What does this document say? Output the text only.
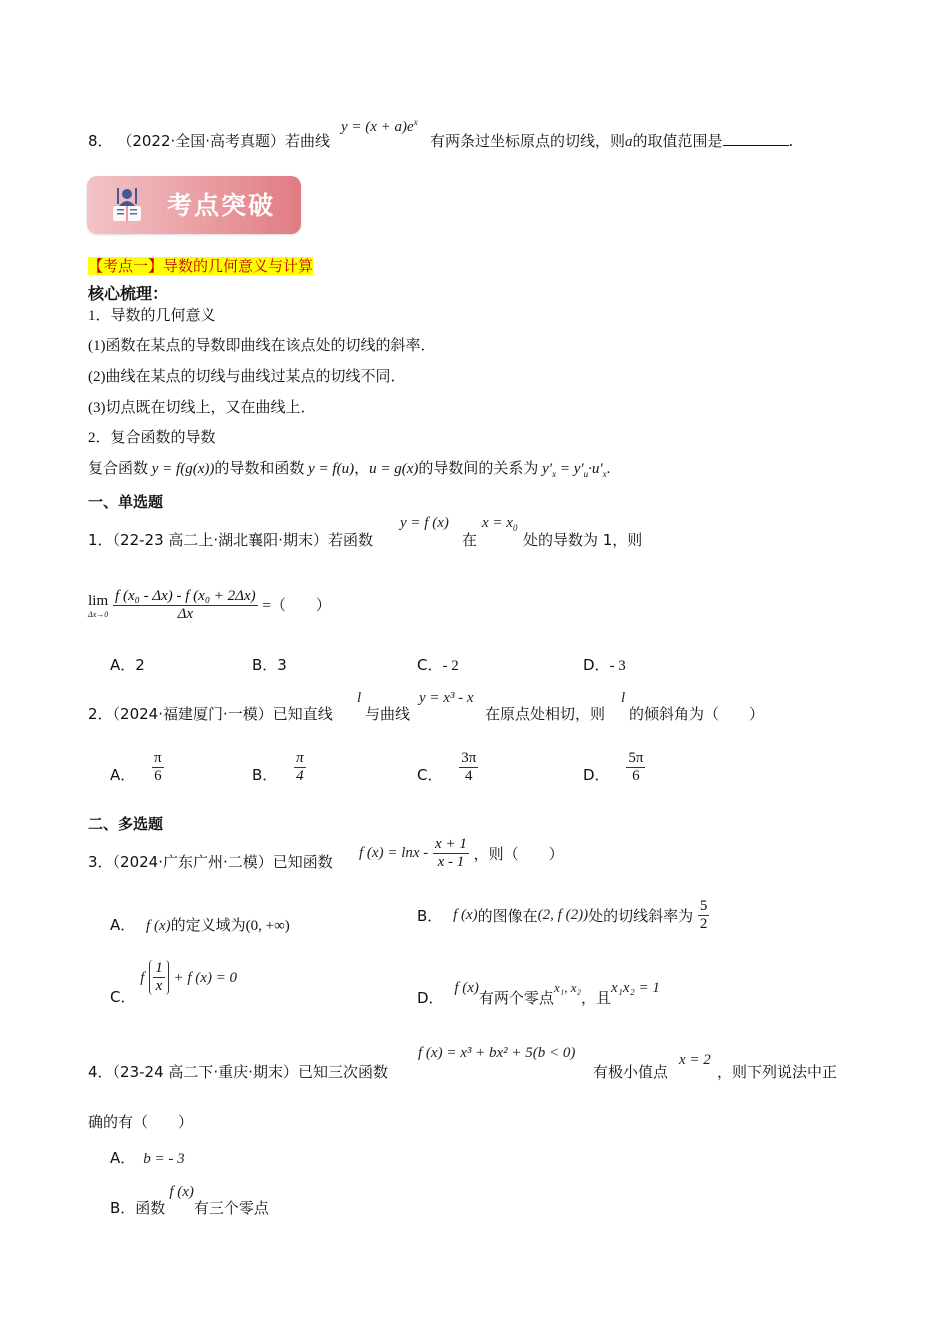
8． （2022·全国·高考真题）若曲线
$y = (x + a)e^x$
有两条过坐标原点的切线，则a的取值范围是	.
考点突破
【考点一】导数的几何意义与计算
核心梳理：
1．导数的几何意义
(1)函数在某点的导数即曲线在该点处的切线的斜率．
(2)曲线在某点的切线与曲线过某点的切线不同．
(3)切点既在切线上，又在曲线上．
2．复合函数的导数
复合函数 y = f(g(x))的导数和函数 y = f(u)，u = g(x)的导数间的关系为 $y'_x = y'_u\cdot u'_x$.
一、单选题
1．（22-23 高二上·湖北襄阳·期末）若函数
y = f (x)
在
$x = x_0$
处的导数为 1，则
lim
Δx→0
$\frac{\text{f (x₀ - Δx) - f (x₀ + 2Δx)}}{\Delta x}$ =（　　）
A．2	B．3	C．- 2	D．- 3
2．（2024·福建厦门·一模）已知直线
l
与曲线
y = x³ - x
在原点处相切，则
l
的倾斜角为（　　）
A． $\frac{\pi}{6}$	B． $\frac{\pi}{4}$	C． $\frac{3\pi}{4}$	D． $\frac{5\pi}{6}$
二、多选题
3．（2024·广东广州·二模）已知函数 f $(x) = \ln x - \frac{x + 1}{x - 1}$ ，则（　　）
A． f (x)的定义域为(0, +∞)
B． f (x)的图像在(2, f (2))处的切线斜率为 $\frac{5}{2}$
C． f $\frac{1}{x} + f$ (x) = 0
D． f (x)有两个零点x₁, x₂，且x₁x₂ = 1
4．（23-24 高二下·重庆·期末）已知三次函数
f (x) = x³ + bx² + 5(b < 0)
有极小值点
x = 2
，则下列说法中正
确的有（　　）
A． b = - 3
B．函数f (x)有三个零点
